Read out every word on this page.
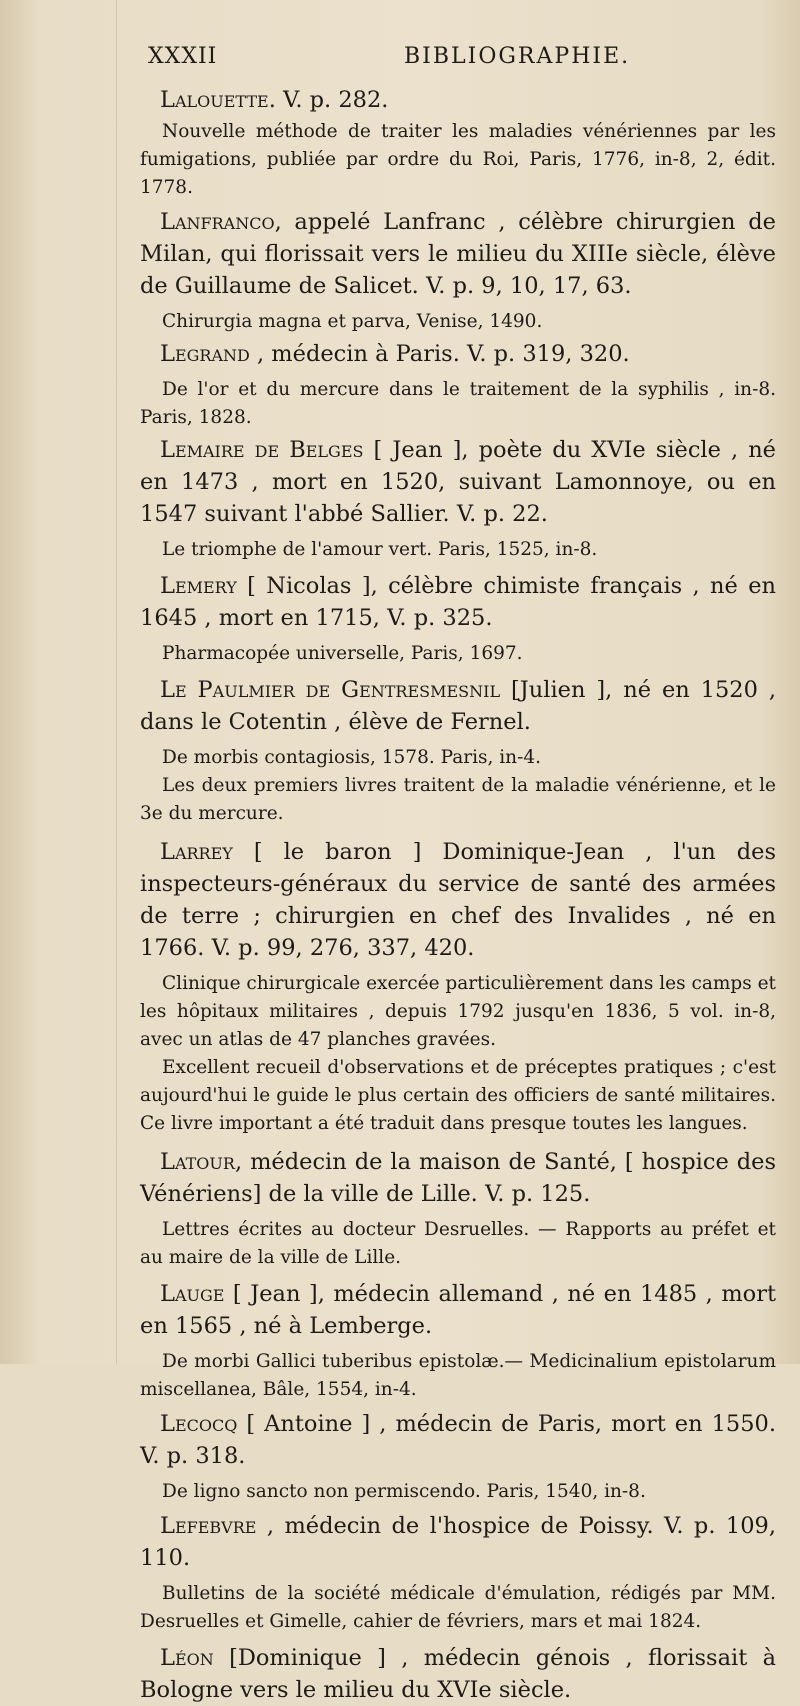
XXXII	BIBLIOGRAPHIE.
Lalouette. V. p. 282.
Nouvelle méthode de traiter les maladies vénériennes par les fumigations, publiée par ordre du Roi, Paris, 1776, in-8, 2, édit. 1778.
Lanfranco, appelé Lanfranc , célèbre chirurgien de Milan, qui florissait vers le milieu du XIIIe siècle, élève de Guillaume de Salicet. V. p. 9, 10, 17, 63.
Chirurgia magna et parva, Venise, 1490.
Legrand , médecin à Paris. V. p. 319, 320.
De l'or et du mercure dans le traitement de la syphilis , in-8. Paris, 1828.
Lemaire de Belges [ Jean ], poète du XVIe siècle , né en 1473 , mort en 1520, suivant Lamonnoye, ou en 1547 suivant l'abbé Sallier. V. p. 22.
Le triomphe de l'amour vert. Paris, 1525, in-8.
Lemery [ Nicolas ], célèbre chimiste français , né en 1645 , mort en 1715, V. p. 325.
Pharmacopée universelle, Paris, 1697.
Le Paulmier de Gentresmesnil [Julien ], né en 1520 , dans le Cotentin , élève de Fernel.
De morbis contagiosis, 1578. Paris, in-4.
Les deux premiers livres traitent de la maladie vénérienne, et le 3e du mercure.
Larrey [ le baron ] Dominique-Jean , l'un des inspecteurs-généraux du service de santé des armées de terre ; chirurgien en chef des Invalides , né en 1766. V. p. 99, 276, 337, 420.
Clinique chirurgicale exercée particulièrement dans les camps et les hôpitaux militaires , depuis 1792 jusqu'en 1836, 5 vol. in-8, avec un atlas de 47 planches gravées.
Excellent recueil d'observations et de préceptes pratiques ; c'est aujourd'hui le guide le plus certain des officiers de santé militaires. Ce livre important a été traduit dans presque toutes les langues.
Latour, médecin de la maison de Santé, [ hospice des Vénériens] de la ville de Lille. V. p. 125.
Lettres écrites au docteur Desruelles. — Rapports au préfet et au maire de la ville de Lille.
Lauge [ Jean ], médecin allemand , né en 1485 , mort en 1565 , né à Lemberge.
De morbi Gallici tuberibus epistolæ.— Medicinalium epistolarum miscellanea, Bâle, 1554, in-4.
Lecocq [ Antoine ] , médecin de Paris, mort en 1550. V. p. 318.
De ligno sancto non permiscendo. Paris, 1540, in-8.
Lefebvre , médecin de l'hospice de Poissy. V. p. 109, 110.
Bulletins de la société médicale d'émulation, rédigés par MM. Desruelles et Gimelle, cahier de févriers, mars et mai 1824.
Léon [Dominique ] , médecin génois , florissait à Bologne vers le milieu du XVIe siècle.
